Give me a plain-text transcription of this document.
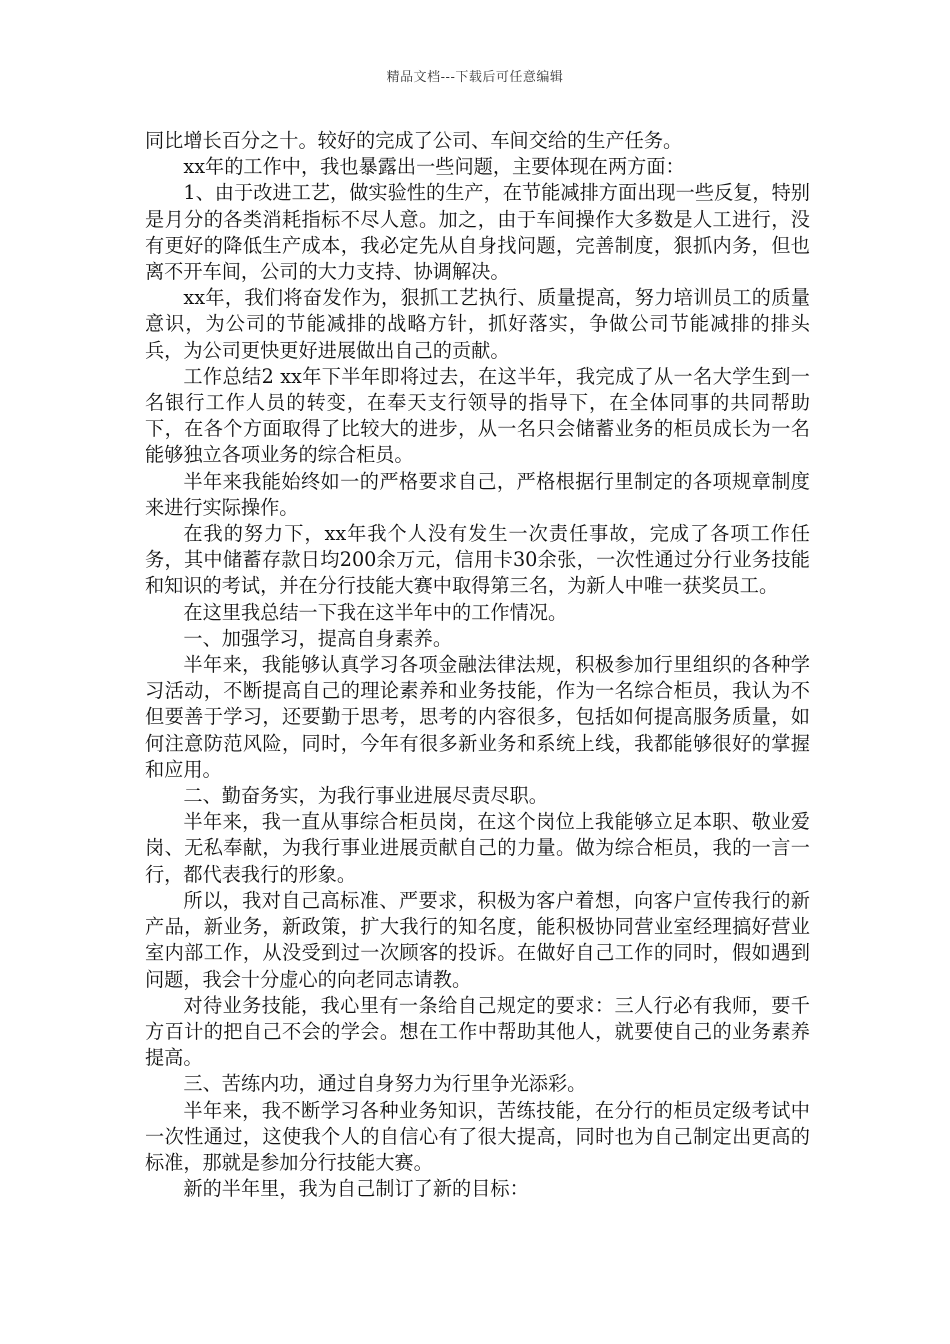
精品文档---下载后可任意编辑

同比增长百分之十。较好的完成了公司、车间交给的生产任务。

xx年的工作中，我也暴露出一些问题，主要体现在两方面：

1、由于改进工艺，做实验性的生产，在节能减排方面出现一些反复，特别是月分的各类消耗指标不尽人意。加之，由于车间操作大多数是人工进行，没有更好的降低生产成本，我必定先从自身找问题，完善制度，狠抓内务，但也离不开车间，公司的大力支持、协调解决。

xx年，我们将奋发作为，狠抓工艺执行、质量提高，努力培训员工的质量意识，为公司的节能减排的战略方针，抓好落实，争做公司节能减排的排头兵，为公司更快更好进展做出自己的贡献。

工作总结2 xx年下半年即将过去，在这半年，我完成了从一名大学生到一名银行工作人员的转变，在奉天支行领导的指导下，在全体同事的共同帮助下，在各个方面取得了比较大的进步，从一名只会储蓄业务的柜员成长为一名能够独立各项业务的综合柜员。

半年来我能始终如一的严格要求自己，严格根据行里制定的各项规章制度来进行实际操作。

在我的努力下，xx年我个人没有发生一次责任事故，完成了各项工作任务，其中储蓄存款日均200余万元，信用卡30余张，一次性通过分行业务技能和知识的考试，并在分行技能大赛中取得第三名，为新人中唯一获奖员工。

在这里我总结一下我在这半年中的工作情况。

一、加强学习，提高自身素养。

半年来，我能够认真学习各项金融法律法规，积极参加行里组织的各种学习活动，不断提高自己的理论素养和业务技能，作为一名综合柜员，我认为不但要善于学习，还要勤于思考，思考的内容很多，包括如何提高服务质量，如何注意防范风险，同时，今年有很多新业务和系统上线，我都能够很好的掌握和应用。

二、勤奋务实，为我行事业进展尽责尽职。

半年来，我一直从事综合柜员岗，在这个岗位上我能够立足本职、敬业爱岗、无私奉献，为我行事业进展贡献自己的力量。做为综合柜员，我的一言一行，都代表我行的形象。

所以，我对自己高标准、严要求，积极为客户着想，向客户宣传我行的新产品，新业务，新政策，扩大我行的知名度，能积极协同营业室经理搞好营业室内部工作，从没受到过一次顾客的投诉。在做好自己工作的同时，假如遇到问题，我会十分虚心的向老同志请教。

对待业务技能，我心里有一条给自己规定的要求：三人行必有我师，要千方百计的把自己不会的学会。想在工作中帮助其他人，就要使自己的业务素养提高。

三、苦练内功，通过自身努力为行里争光添彩。

半年来，我不断学习各种业务知识，苦练技能，在分行的柜员定级考试中一次性通过，这使我个人的自信心有了很大提高，同时也为自己制定出更高的标准，那就是参加分行技能大赛。

新的半年里，我为自己制订了新的目标：
